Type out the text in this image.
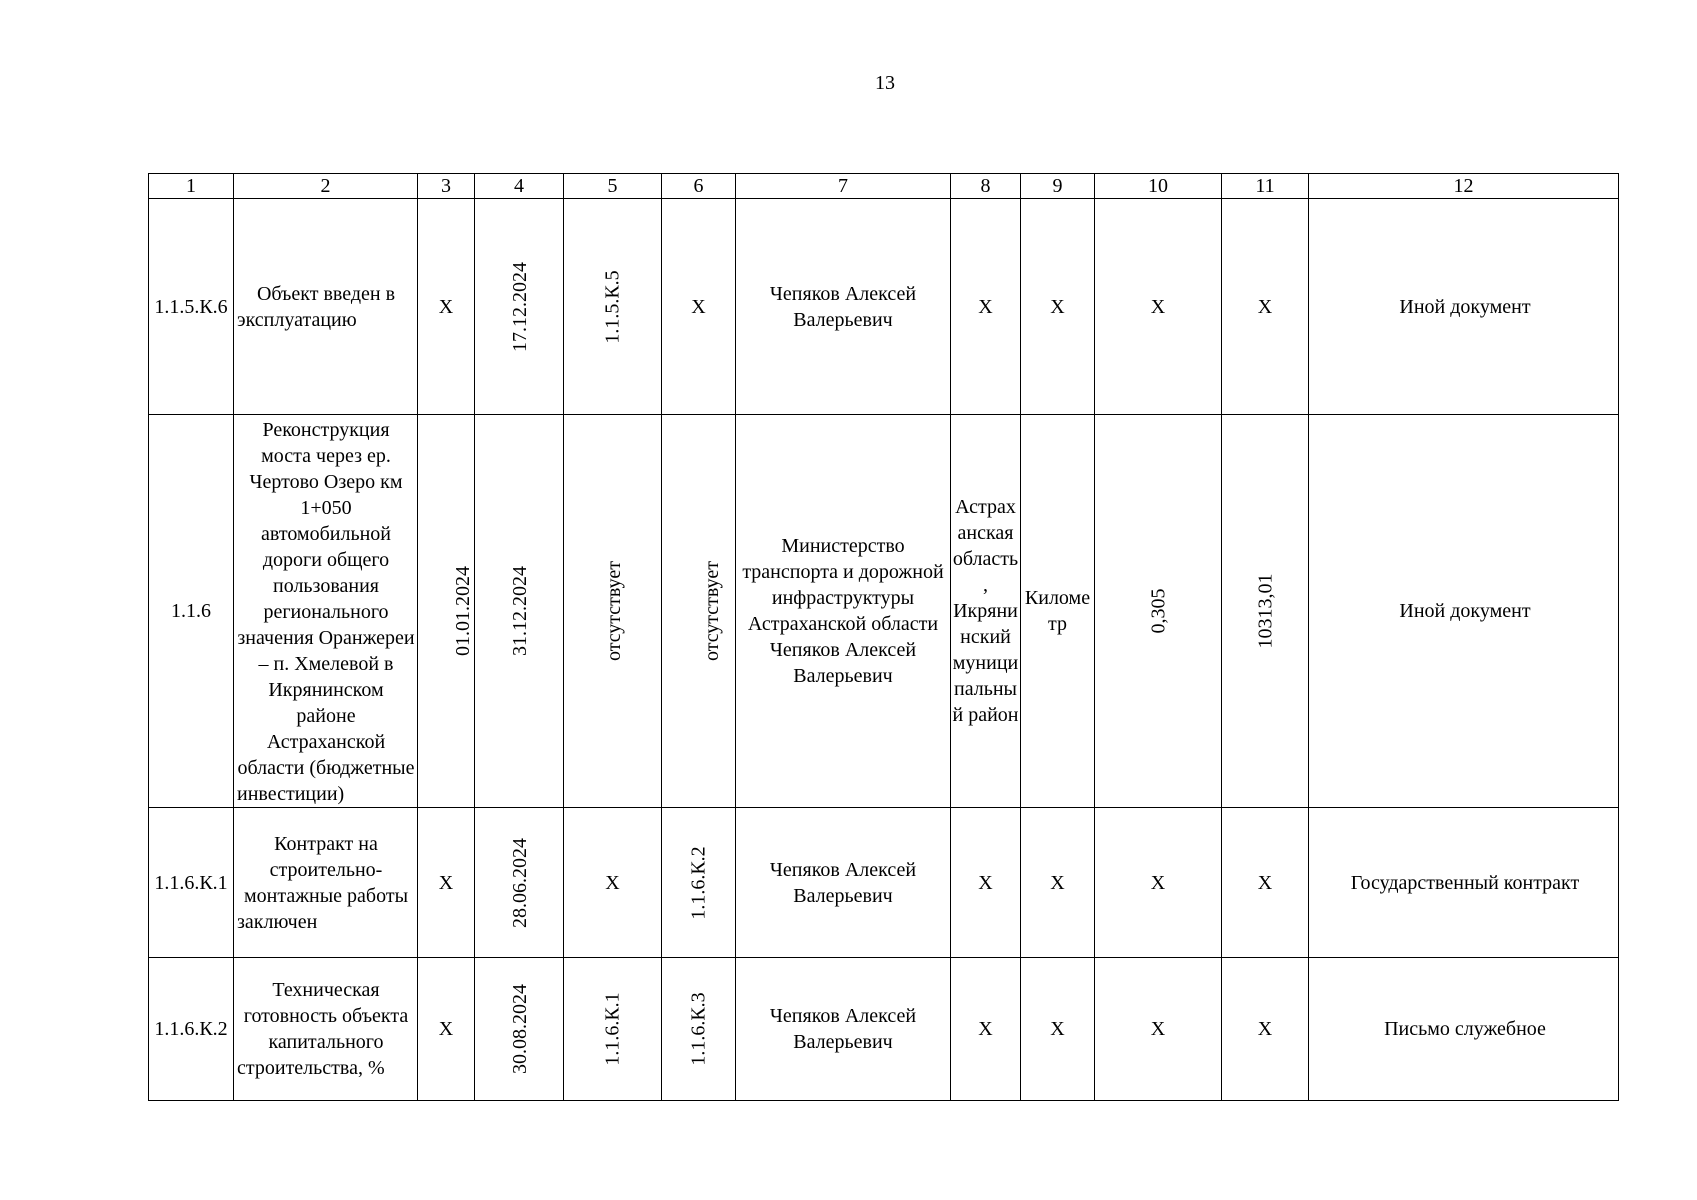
13
1	2	3	4	5	6	7	8	9	10	11	12
1.1.5.К.6	Объект введен в эксплуатацию	X	17.12.2024	1.1.5.К.5	X	Чепяков Алексей Валерьевич	X	X	X	X	Иной документ
1.1.6	Реконструкция моста через ер. Чертово Озеро км 1+050 автомобильной дороги общего пользования регионального значения Оранжереи – п. Хмелевой в Икрянинском районе Астраханской области (бюджетные инвестиции)	01.01.2024	31.12.2024	отсутствует	отсутствует	Министерство транспорта и дорожной инфраструктуры Астраханской области Чепяков Алексей Валерьевич	Астраханская область, Икрянинский муниципальный район	Километр	0,305	10313,01	Иной документ
1.1.6.К.1	Контракт на строительно-монтажные работы заключен	X	28.06.2024	X	1.1.6.К.2	Чепяков Алексей Валерьевич	X	X	X	X	Государственный контракт
1.1.6.К.2	Техническая готовность объекта капитального строительства, %	X	30.08.2024	1.1.6.К.1	1.1.6.К.3	Чепяков Алексей Валерьевич	X	X	X	X	Письмо служебное
